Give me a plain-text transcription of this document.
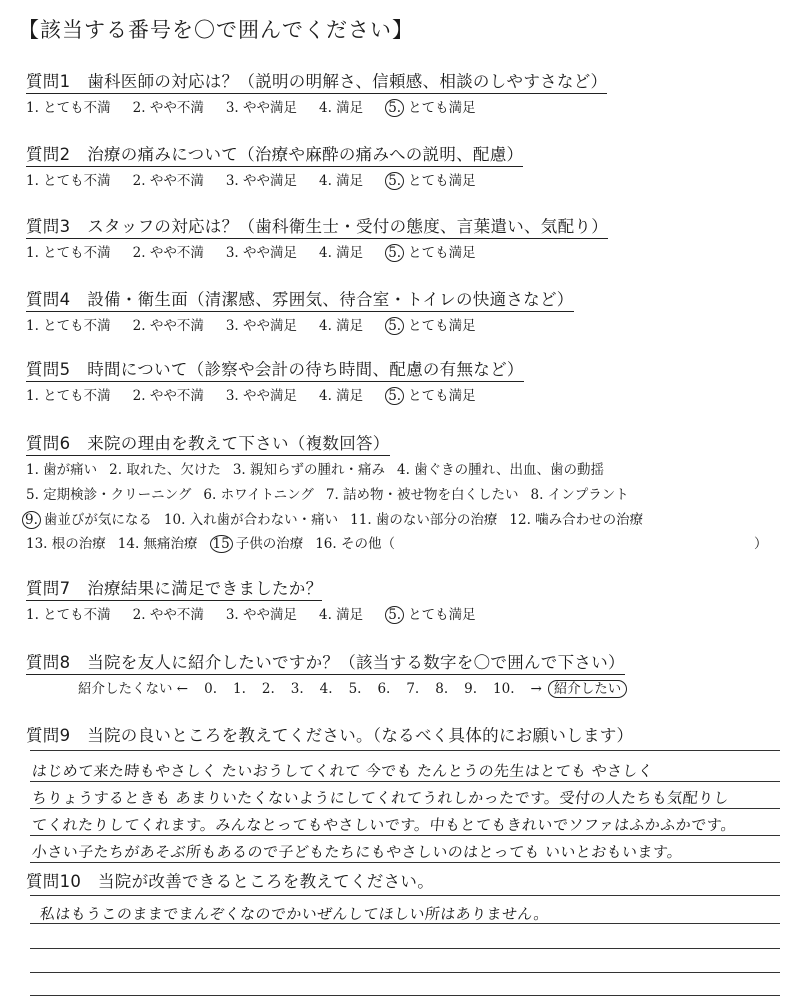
【該当する番号を〇で囲んでください】
質問1　歯科医師の対応は？（説明の明解さ、信頼感、相談のしやすさなど）
1. とても不満 2. やや不満 3. やや満足 4. 満足 5. とても満足
質問2　治療の痛みについて（治療や麻酔の痛みへの説明、配慮）
1. とても不満 2. やや不満 3. やや満足 4. 満足 5. とても満足
質問3　スタッフの対応は？（歯科衛生士・受付の態度、言葉遣い、気配り）
1. とても不満 2. やや不満 3. やや満足 4. 満足 5. とても満足
質問4　設備・衛生面（清潔感、雰囲気、待合室・トイレの快適さなど）
1. とても不満 2. やや不満 3. やや満足 4. 満足 5. とても満足
質問5　時間について（診察や会計の待ち時間、配慮の有無など）
1. とても不満 2. やや不満 3. やや満足 4. 満足 5. とても満足
質問6　来院の理由を教えて下さい（複数回答）
1. 歯が痛い 2. 取れた、欠けた 3. 親知らずの腫れ・痛み 4. 歯ぐきの腫れ、出血、歯の動揺
5. 定期検診・クリーニング 6. ホワイトニング 7. 詰め物・被せ物を白くしたい 8. インプラント
9. 歯並びが気になる 10. 入れ歯が合わない・痛い 11. 歯のない部分の治療 12. 噛み合わせの治療
13. 根の治療 14. 無痛治療 15 子供の治療 16. その他（	）
質問7　治療結果に満足できましたか？
1. とても不満 2. やや不満 3. やや満足 4. 満足 5. とても満足
質問8　当院を友人に紹介したいですか？（該当する数字を〇で囲んで下さい）
紹介したくない ← 0. 1. 2. 3. 4. 5. 6. 7. 8. 9. 10. → 紹介したい
質問9　当院の良いところを教えてください。（なるべく具体的にお願いします）
はじめて来た時もやさしく たいおうしてくれて 今でも たんとうの先生はとても やさしく
ちりょうするときも あまりいたくないようにしてくれてうれしかったです。受付の人たちも気配りし
てくれたりしてくれます。みんなとってもやさしいです。中もとてもきれいでソファはふかふかです。
小さい子たちがあそぶ所もあるので子どもたちにもやさしいのはとっても いいとおもいます。
質問10　当院が改善できるところを教えてください。
私はもうこのままでまんぞくなのでかいぜんしてほしい所はありません。
